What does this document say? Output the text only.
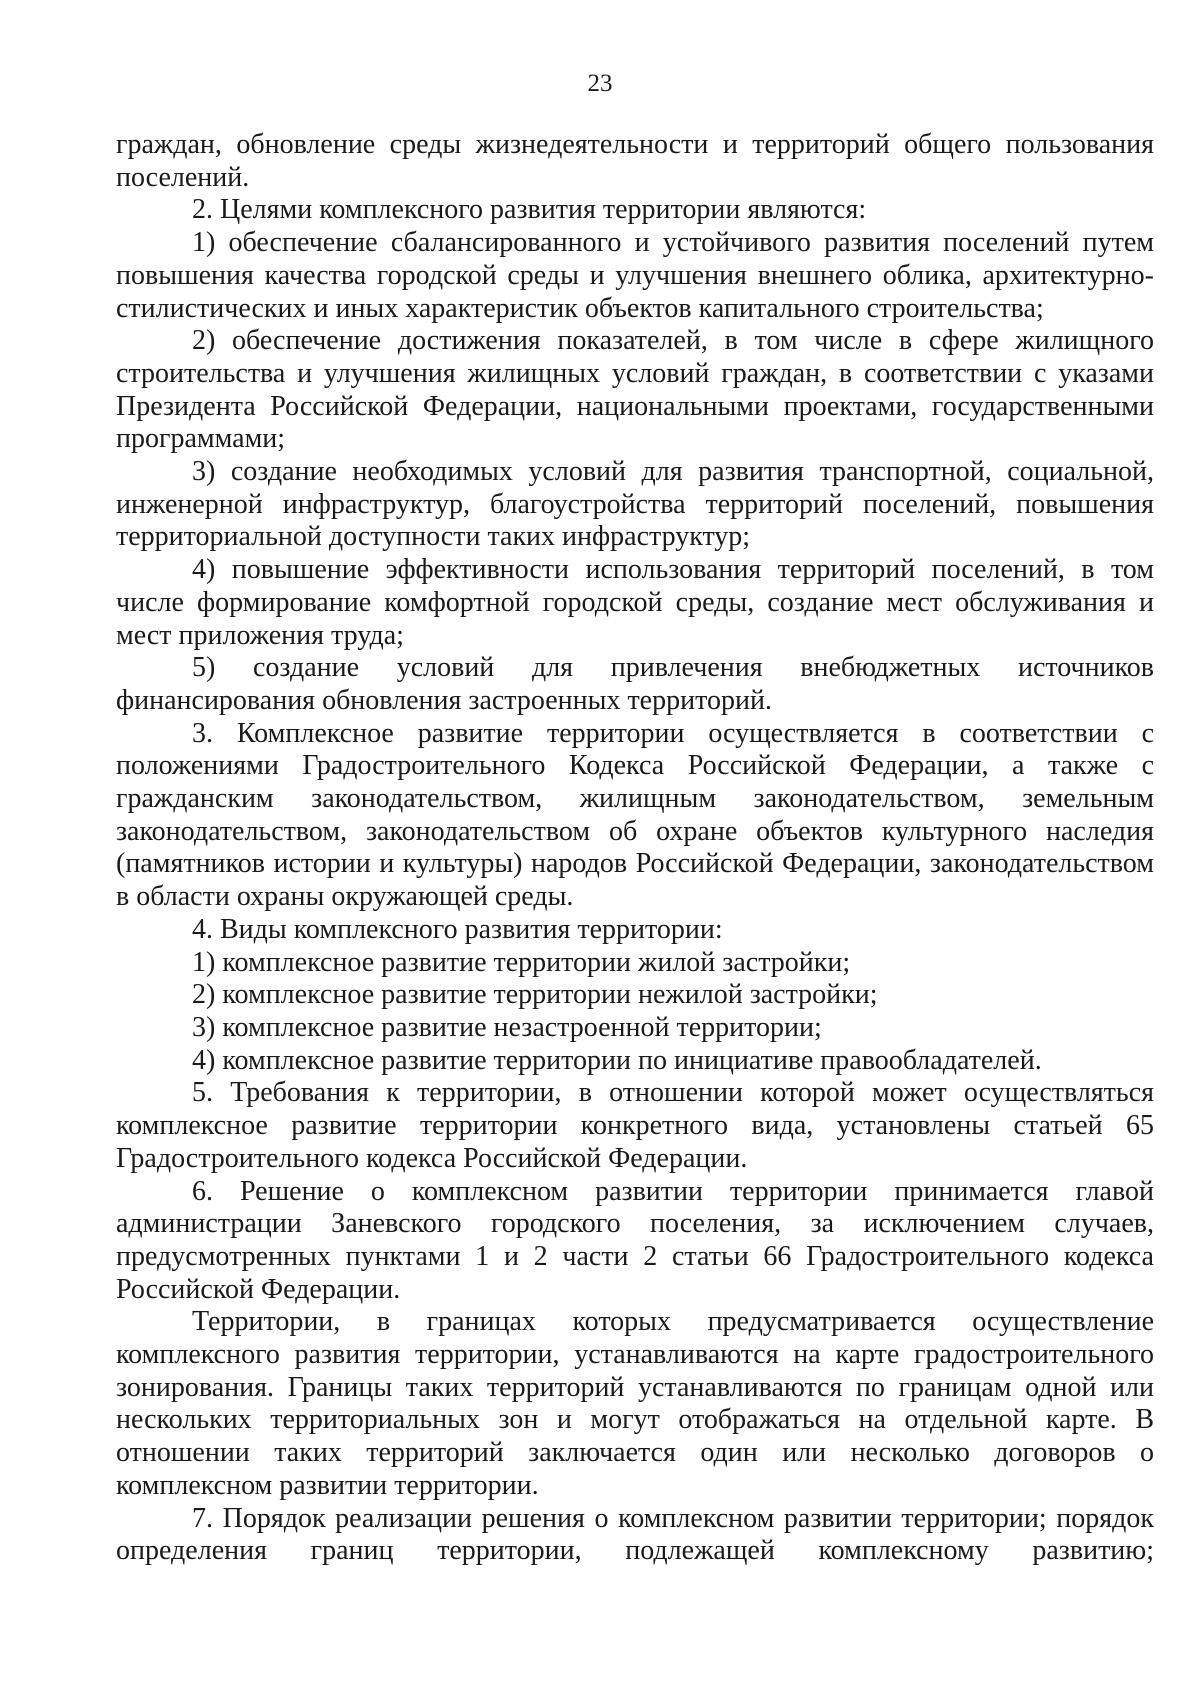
23

граждан, обновление среды жизнедеятельности и территорий общего пользования поселений.

2. Целями комплексного развития территории являются:

1) обеспечение сбалансированного и устойчивого развития поселений путем повышения качества городской среды и улучшения внешнего облика, архитектурно-стилистических и иных характеристик объектов капитального строительства;

2) обеспечение достижения показателей, в том числе в сфере жилищного строительства и улучшения жилищных условий граждан, в соответствии с указами Президента Российской Федерации, национальными проектами, государственными программами;

3) создание необходимых условий для развития транспортной, социальной, инженерной инфраструктур, благоустройства территорий поселений, повышения территориальной доступности таких инфраструктур;

4) повышение эффективности использования территорий поселений, в том числе формирование комфортной городской среды, создание мест обслуживания и мест приложения труда;

5) создание условий для привлечения внебюджетных источников финансирования обновления застроенных территорий.

3. Комплексное развитие территории осуществляется в соответствии с положениями Градостроительного Кодекса Российской Федерации, а также с гражданским законодательством, жилищным законодательством, земельным законодательством, законодательством об охране объектов культурного наследия (памятников истории и культуры) народов Российской Федерации, законодательством в области охраны окружающей среды.

4. Виды комплексного развития территории:

1) комплексное развитие территории жилой застройки;

2) комплексное развитие территории нежилой застройки;

3) комплексное развитие незастроенной территории;

4) комплексное развитие территории по инициативе правообладателей.

5. Требования к территории, в отношении которой может осуществляться комплексное развитие территории конкретного вида, установлены статьей 65 Градостроительного кодекса Российской Федерации.

6. Решение о комплексном развитии территории принимается главой администрации Заневского городского поселения, за исключением случаев, предусмотренных пунктами 1 и 2 части 2 статьи 66 Градостроительного кодекса Российской Федерации.

Территории, в границах которых предусматривается осуществление комплексного развития территории, устанавливаются на карте градостроительного зонирования. Границы таких территорий устанавливаются по границам одной или нескольких территориальных зон и могут отображаться на отдельной карте. В отношении таких территорий заключается один или несколько договоров о комплексном развитии территории.

7. Порядок реализации решения о комплексном развитии территории; порядок определения границ территории, подлежащей комплексному развитию;
